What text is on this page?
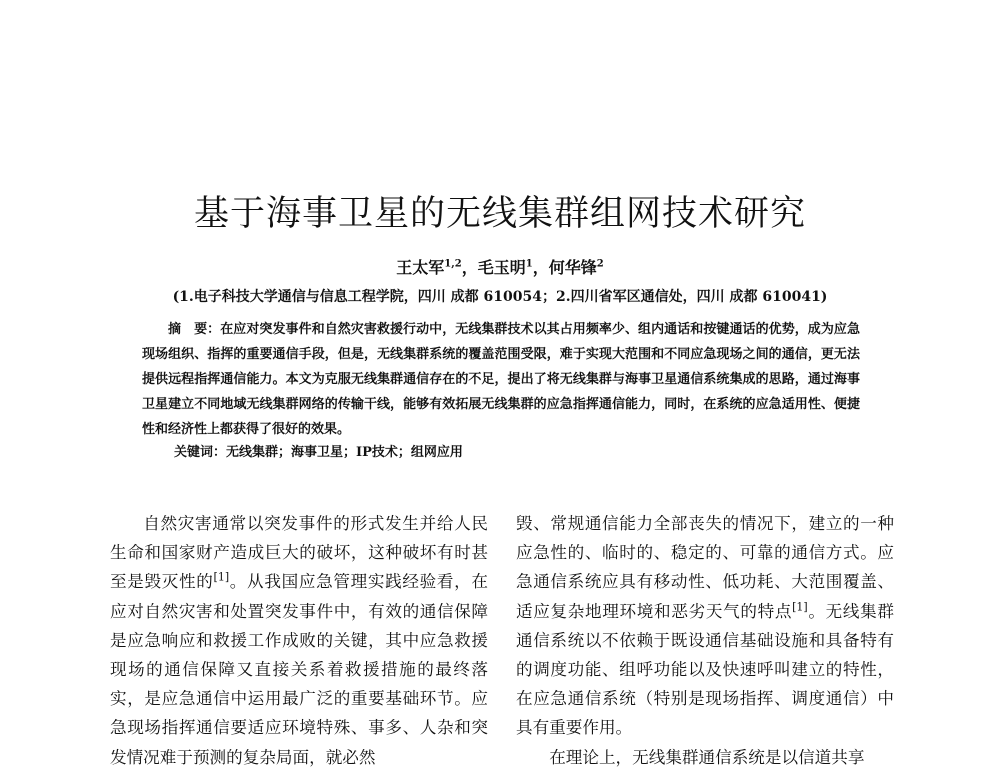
基于海事卫星的无线集群组网技术研究
王太军$^{1,2}$，毛玉明$^1$，何华锋$^2$
(1.电子科技大学通信与信息工程学院，四川 成都 610054；2.四川省军区通信处，四川 成都 610041)

摘　要：在应对突发事件和自然灾害救援行动中，无线集群技术以其占用频率少、组内通话和按键通话的优势，成为应急现场组织、指挥的重要通信手段，但是，无线集群系统的覆盖范围受限，难于实现大范围和不同应急现场之间的通信，更无法提供远程指挥通信能力。本文为克服无线集群通信存在的不足，提出了将无线集群与海事卫星通信系统集成的思路，通过海事卫星建立不同地域无线集群网络的传输干线，能够有效拓展无线集群的应急指挥通信能力，同时，在系统的应急适用性、便捷性和经济性上都获得了很好的效果。

关键词：无线集群；海事卫星；IP技术；组网应用

自然灾害通常以突发事件的形式发生并给人民生命和国家财产造成巨大的破坏，这种破坏有时甚至是毁灭性的[1]。从我国应急管理实践经验看，在应对自然灾害和处置突发事件中，有效的通信保障是应急响应和救援工作成败的关键，其中应急救援现场的通信保障又直接关系着救援措施的最终落实，是应急通信中运用最广泛的重要基础环节。应急现场指挥通信要适应环境特殊、事多、人杂和突发情况难于预测的复杂局面，就必然

毁、常规通信能力全部丧失的情况下，建立的一种应急性的、临时的、稳定的、可靠的通信方式。应急通信系统应具有移动性、低功耗、大范围覆盖、适应复杂地理环境和恶劣天气的特点[1]。无线集群通信系统以不依赖于既设通信基础设施和具备特有的调度功能、组呼功能以及快速呼叫建立的特性，在应急通信系统（特别是现场指挥、调度通信）中具有重要作用。

在理论上，无线集群通信系统是以信道共享
